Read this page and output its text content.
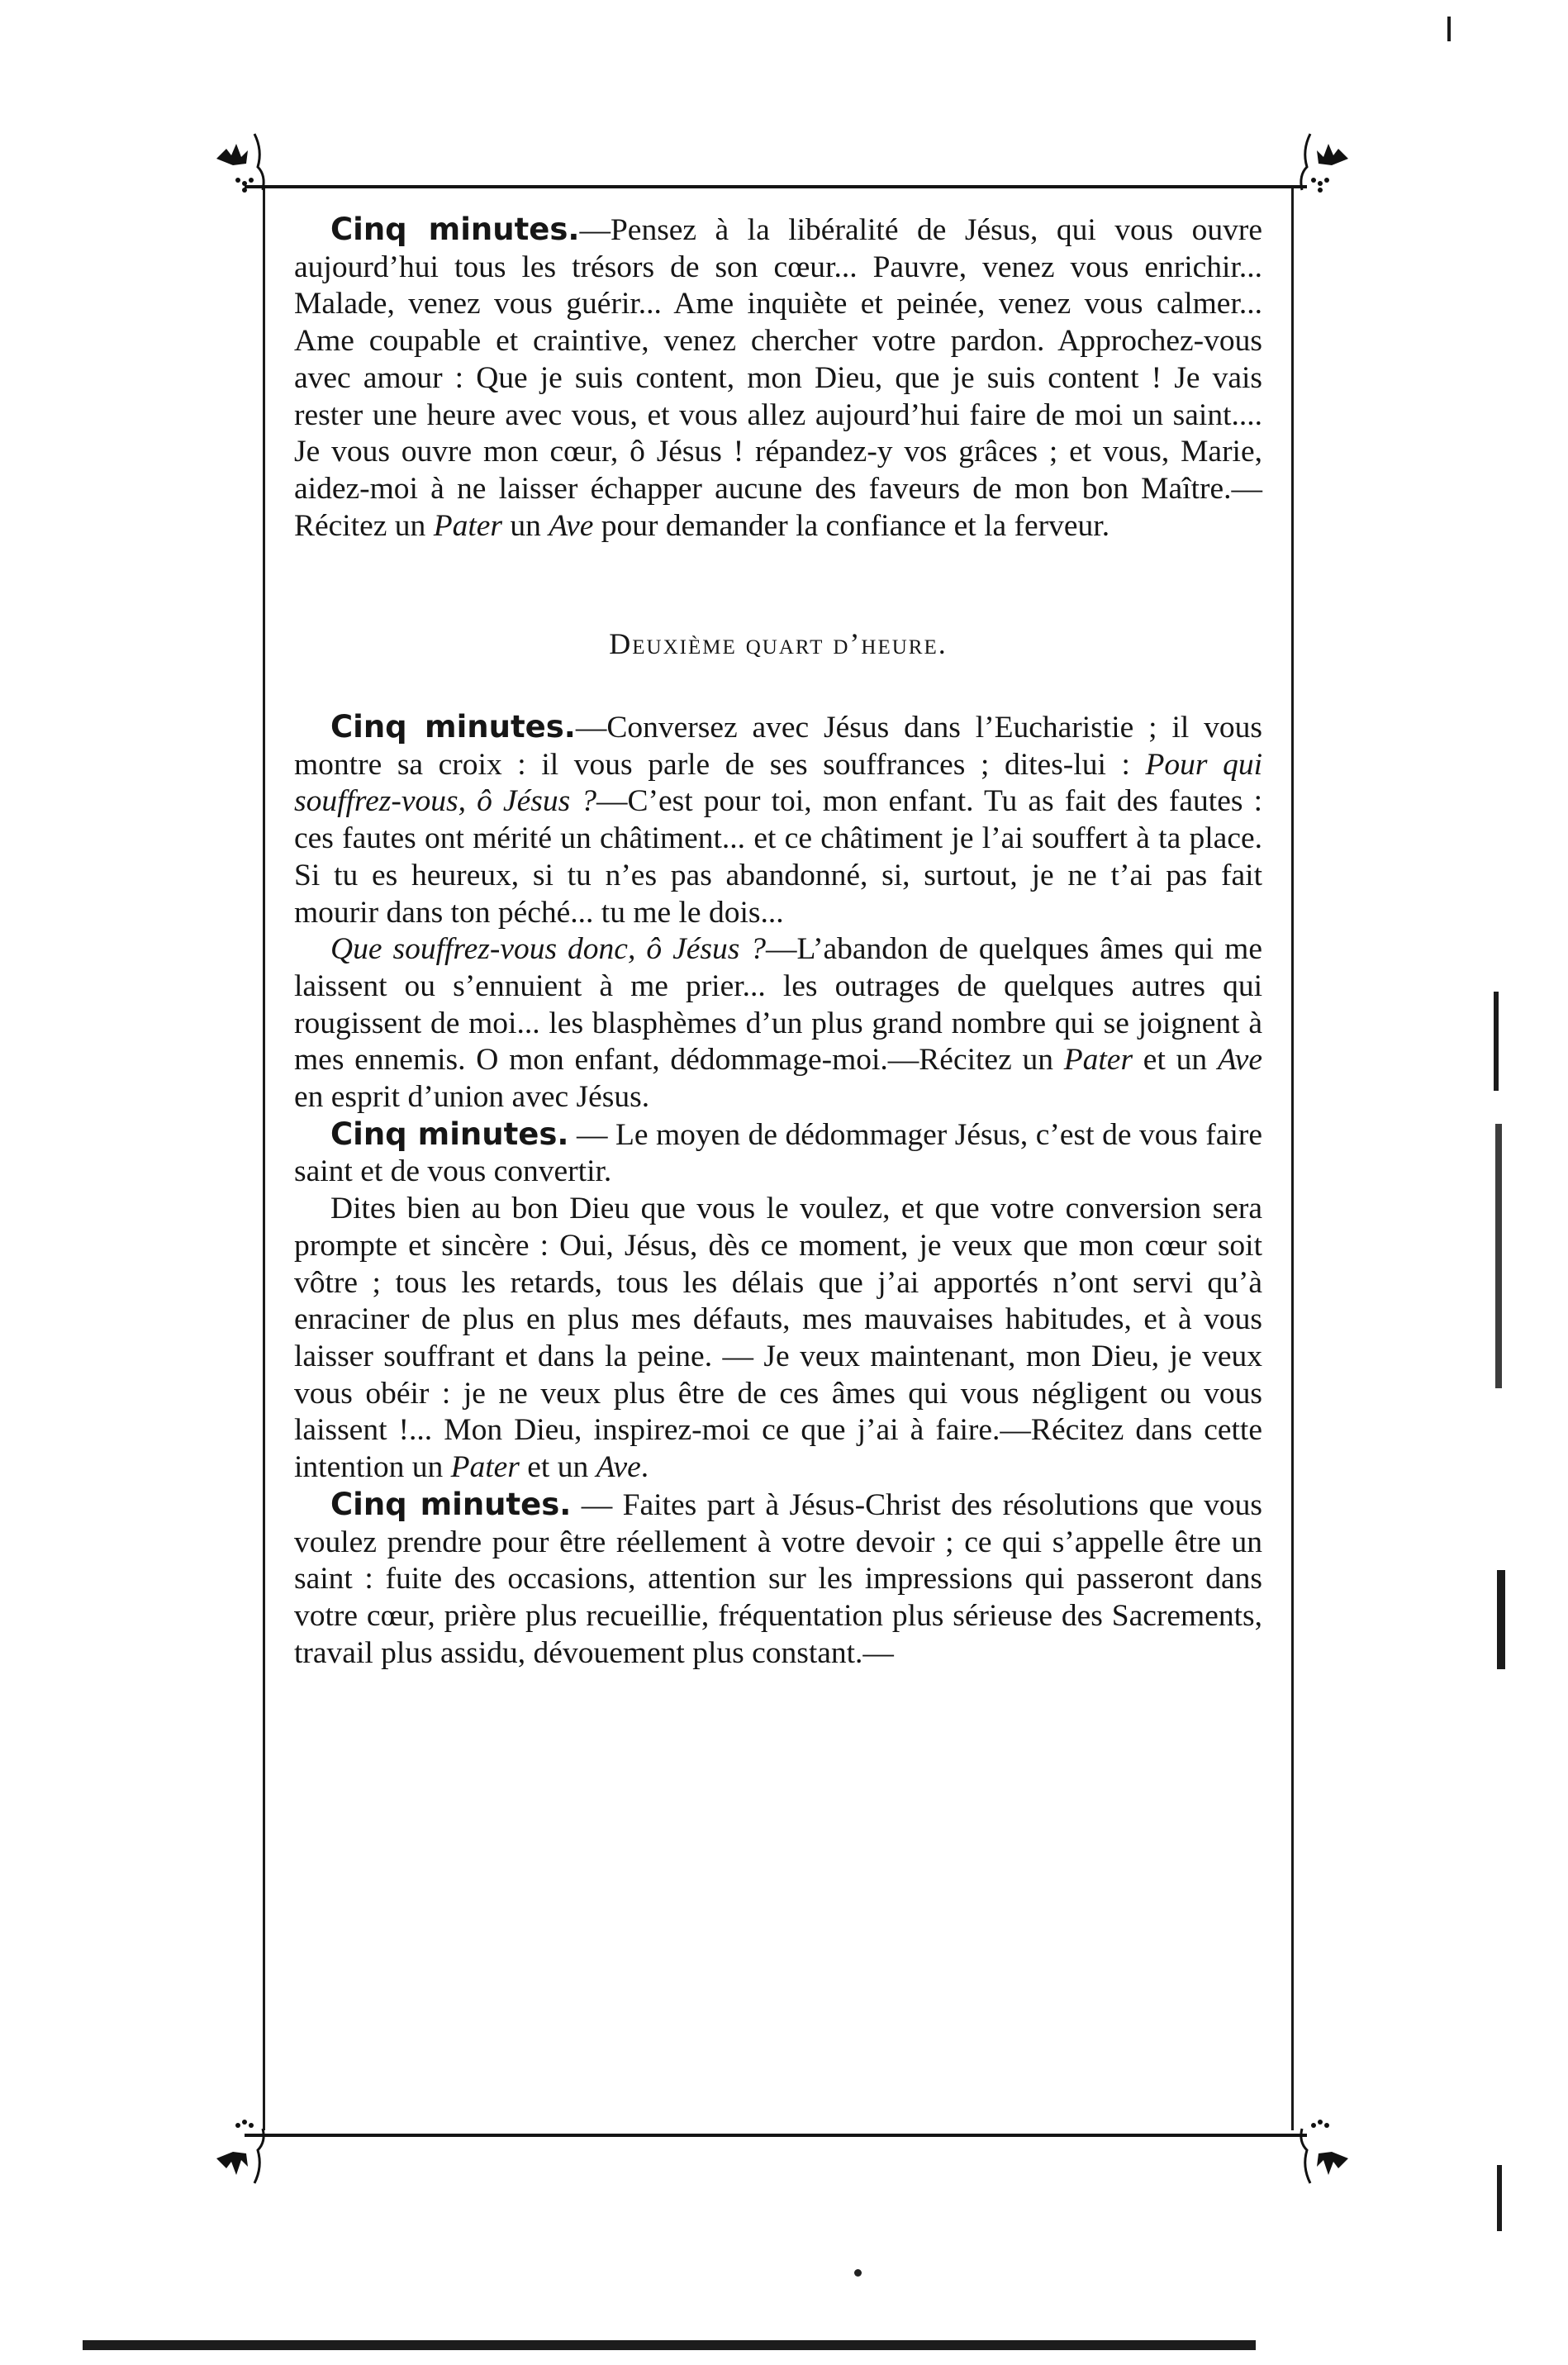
Cinq minutes.—Pensez à la libéralité de Jésus, qui vous ouvre aujourd’hui tous les trésors de son cœur... Pauvre, venez vous enrichir... Malade, venez vous guérir... Ame inquiète et peinée, venez vous calmer... Ame coupable et craintive, venez chercher votre pardon. Approchez-vous avec amour : Que je suis content, mon Dieu, que je suis content ! Je vais rester une heure avec vous, et vous allez aujourd’hui faire de moi un saint.... Je vous ouvre mon cœur, ô Jésus ! répandez-y vos grâces ; et vous, Marie, aidez-moi à ne laisser échapper aucune des faveurs de mon bon Maître.—Récitez un Pater un Ave pour demander la confiance et la ferveur.

Deuxième quart d’heure.

Cinq minutes.—Conversez avec Jésus dans l’Eucharistie ; il vous montre sa croix : il vous parle de ses souffrances ; dites-lui : Pour qui souffrez-vous, ô Jésus ?—C’est pour toi, mon enfant. Tu as fait des fautes : ces fautes ont mérité un châtiment... et ce châtiment je l’ai souffert à ta place. Si tu es heureux, si tu n’es pas abandonné, si, surtout, je ne t’ai pas fait mourir dans ton péché... tu me le dois...

Que souffrez-vous donc, ô Jésus ?—L’abandon de quelques âmes qui me laissent ou s’ennuient à me prier... les outrages de quelques autres qui rougissent de moi... les blasphèmes d’un plus grand nombre qui se joignent à mes ennemis. O mon enfant, dédommage-moi.—Récitez un Pater et un Ave en esprit d’union avec Jésus.

Cinq minutes. — Le moyen de dédommager Jésus, c’est de vous faire saint et de vous convertir.

Dites bien au bon Dieu que vous le voulez, et que votre conversion sera prompte et sincère : Oui, Jésus, dès ce moment, je veux que mon cœur soit vôtre ; tous les retards, tous les délais que j’ai apportés n’ont servi qu’à enraciner de plus en plus mes défauts, mes mauvaises habitudes, et à vous laisser souffrant et dans la peine. — Je veux maintenant, mon Dieu, je veux vous obéir : je ne veux plus être de ces âmes qui vous négligent ou vous laissent !... Mon Dieu, inspirez-moi ce que j’ai à faire.—Récitez dans cette intention un Pater et un Ave.

Cinq minutes. — Faites part à Jésus-Christ des résolutions que vous voulez prendre pour être réellement à votre devoir ; ce qui s’appelle être un saint : fuite des occasions, attention sur les impressions qui passeront dans votre cœur, prière plus recueillie, fréquentation plus sérieuse des Sacrements, travail plus assidu, dévouement plus constant.—
